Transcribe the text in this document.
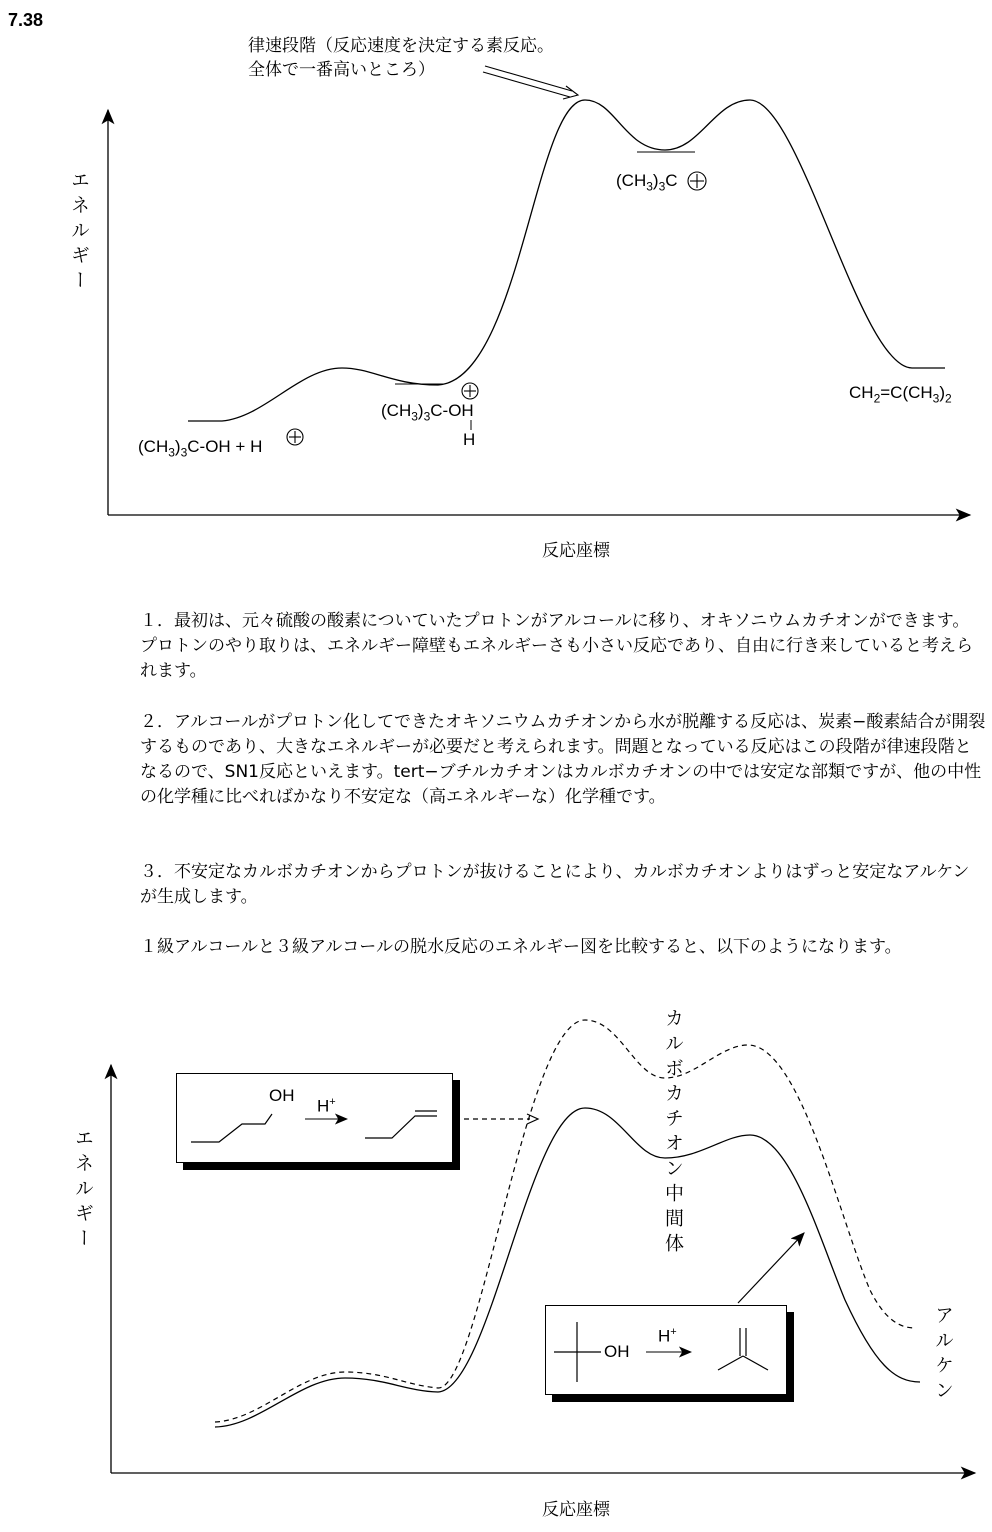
7.38
律速段階（反応速度を決定する素反応。
全体で一番高いところ）
エネルギー
反応座標
$(CH_3)_3C-OH + H$
$(CH_3)_3C-OH$
H
$(CH_3)_3C$
$CH_2=C(CH_3)_2$
１．最初は、元々硫酸の酸素についていたプロトンがアルコールに移り、オキソニウムカチオンができます。プロトンのやり取りは、エネルギー障壁もエネルギーさも小さい反応であり、自由に行き来していると考えられます。
２．アルコールがプロトン化してできたオキソニウムカチオンから水が脱離する反応は、炭素−酸素結合が開裂するものであり、大きなエネルギーが必要だと考えられます。問題となっている反応はこの段階が律速段階となるので、SN1反応といえます。tert−ブチルカチオンはカルボカチオンの中では安定な部類ですが、他の中性の化学種に比べればかなり不安定な（高エネルギーな）化学種です。
３．不安定なカルボカチオンからプロトンが抜けることにより、カルボカチオンよりはずっと安定なアルケンが生成します。
１級アルコールと３級アルコールの脱水反応のエネルギー図を比較すると、以下のようになります。
エネルギー
反応座標
カルボカチオン中間体
アルケン
OH
H+
OH
H+
